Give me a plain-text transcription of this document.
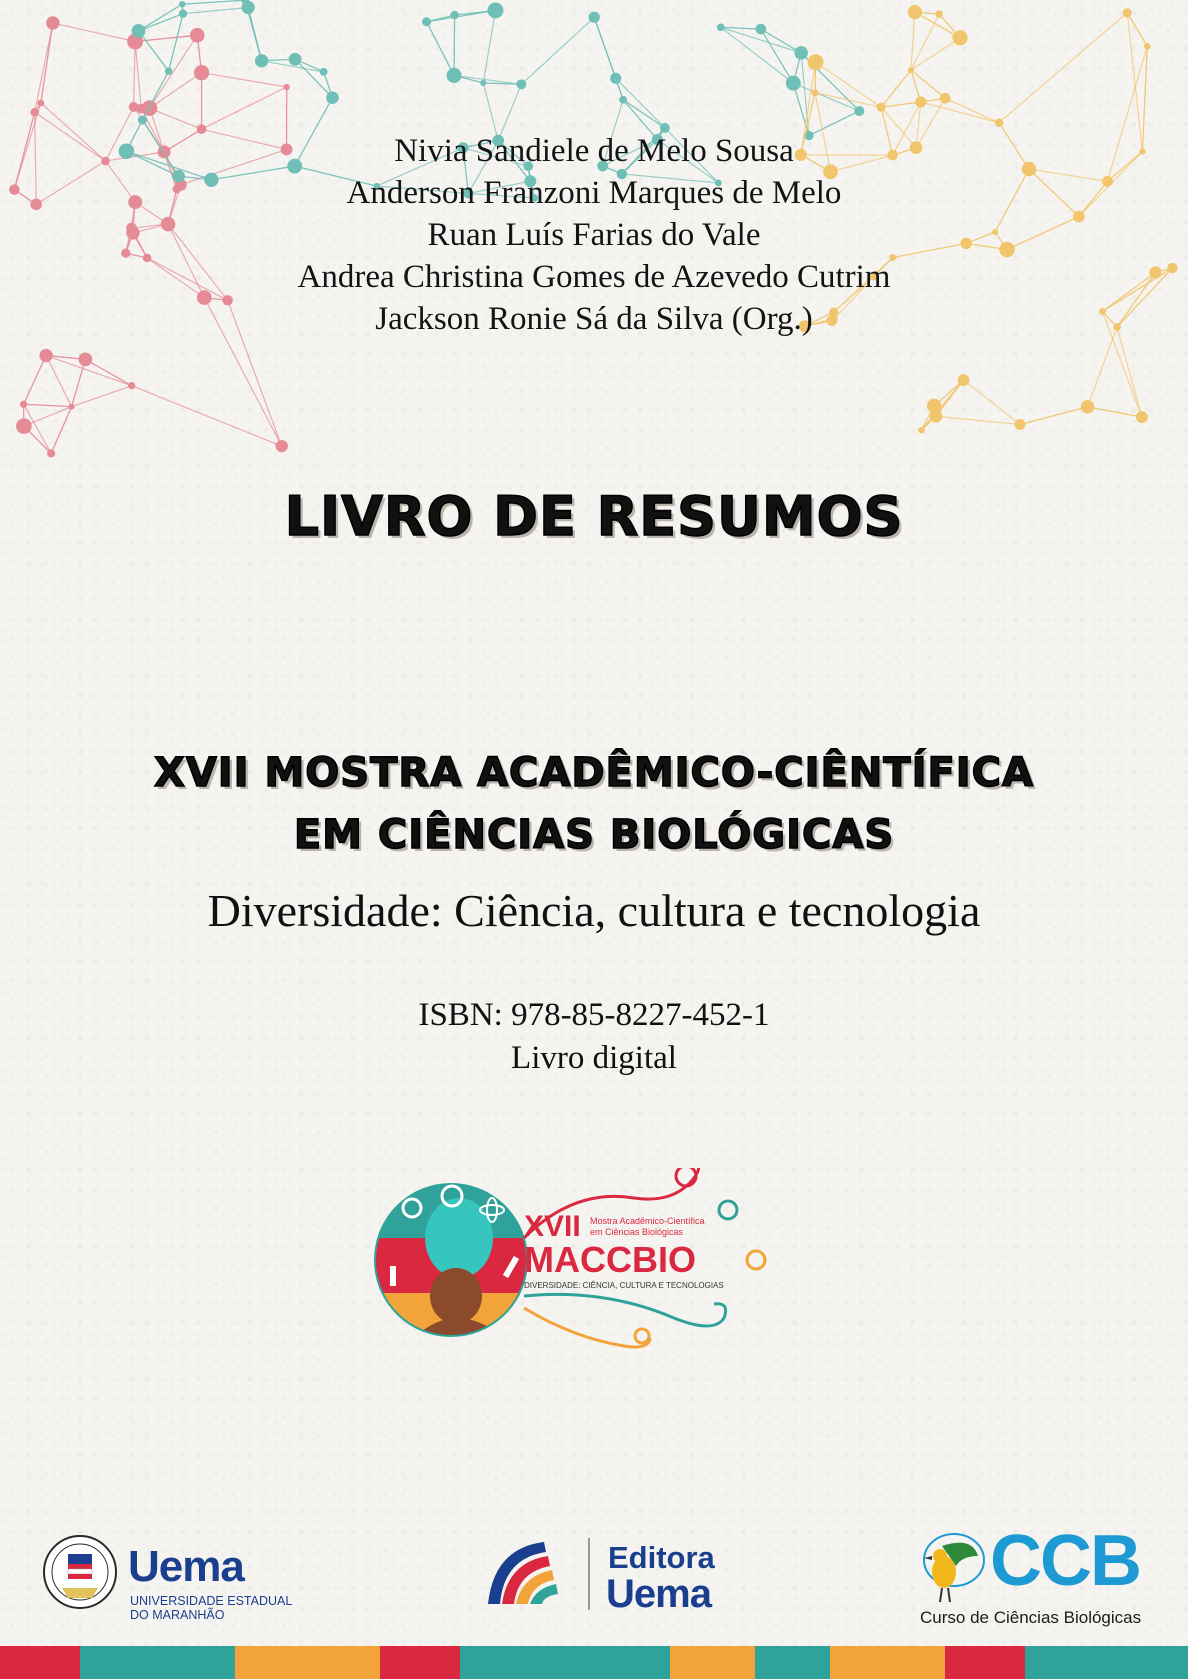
Nivia Sandiele de Melo Sousa
Anderson Franzoni Marques de Melo
Ruan Luís Farias do Vale
Andrea Christina Gomes de Azevedo Cutrim
Jackson Ronie Sá da Silva (Org.)
LIVRO DE RESUMOS
XVII MOSTRA ACADÊMICO-CIÊNTÍFICA
EM CIÊNCIAS BIOLÓGICAS
Diversidade: Ciência, cultura e tecnologia
ISBN: 978-85-8227-452-1
Livro digital
XVII Mostra Acadêmico-Científica
em Ciências Biológicas
MACCBIO
DIVERSIDADE: CIÊNCIA, CULTURA E TECNOLOGIAS
Uema
UNIVERSIDADE ESTADUAL
DO MARANHÃO
Editora
Uema	CCB
Curso de Ciências Biológicas
